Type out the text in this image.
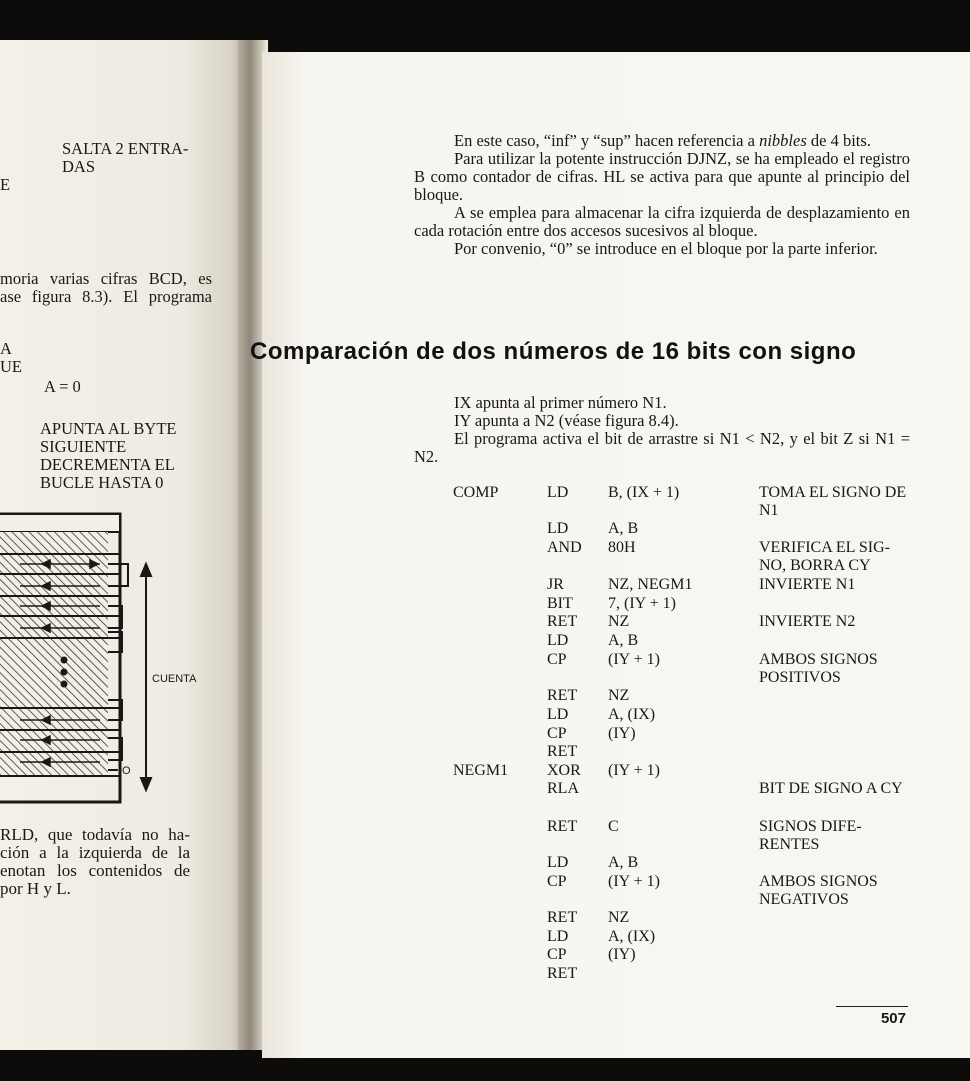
SALTA 2 ENTRA-
DAS
E
moria varias cifras BCD, es
ase figura 8.3). El programa
A
UE
A = 0
APUNTA AL BYTE
SIGUIENTE
DECREMENTA EL
BUCLE HASTA 0
CUENTA
O
RLD, que todavía no ha-
ción a la izquierda de la
enotan los contenidos de
por H y L.

En este caso, “inf” y “sup” hacen referencia a nibbles de 4 bits.

Para utilizar la potente instrucción DJNZ, se ha empleado el registro B como contador de cifras. HL se activa para que apunte al principio del bloque.

A se emplea para almacenar la cifra izquierda de desplazamiento en cada rotación entre dos accesos sucesivos al bloque.

Por convenio, “0” se introduce en el bloque por la parte inferior.

Comparación de dos números de 16 bits con signo

IX apunta al primer número N1.

IY apunta a N2 (véase figura 8.4).

El programa activa el bit de arrastre si N1 < N2, y el bit Z si N1 = N2.

COMP	LD B, (IX + 1)	TOMA EL SIGNO DE N1
LD A, B
AND 80H	VERIFICA EL SIG-NO, BORRA CY
JR	NZ, NEGM1	INVIERTE N1
BIT 7, (IY + 1)
RET NZ	INVIERTE N2
LD A, B
CP	(IY + 1)	AMBOS SIGNOS POSITIVOS
RET NZ
LD A, (IX)
CP	(IY)
RET
NEGM1 XOR (IY + 1)
RLA	BIT DE SIGNO A CY
RET C	SIGNOS DIFE-RENTES
LD A, B
CP	(IY + 1)	AMBOS SIGNOS NEGATIVOS
RET NZ
LD A, (IX)
CP	(IY)
RET
507
